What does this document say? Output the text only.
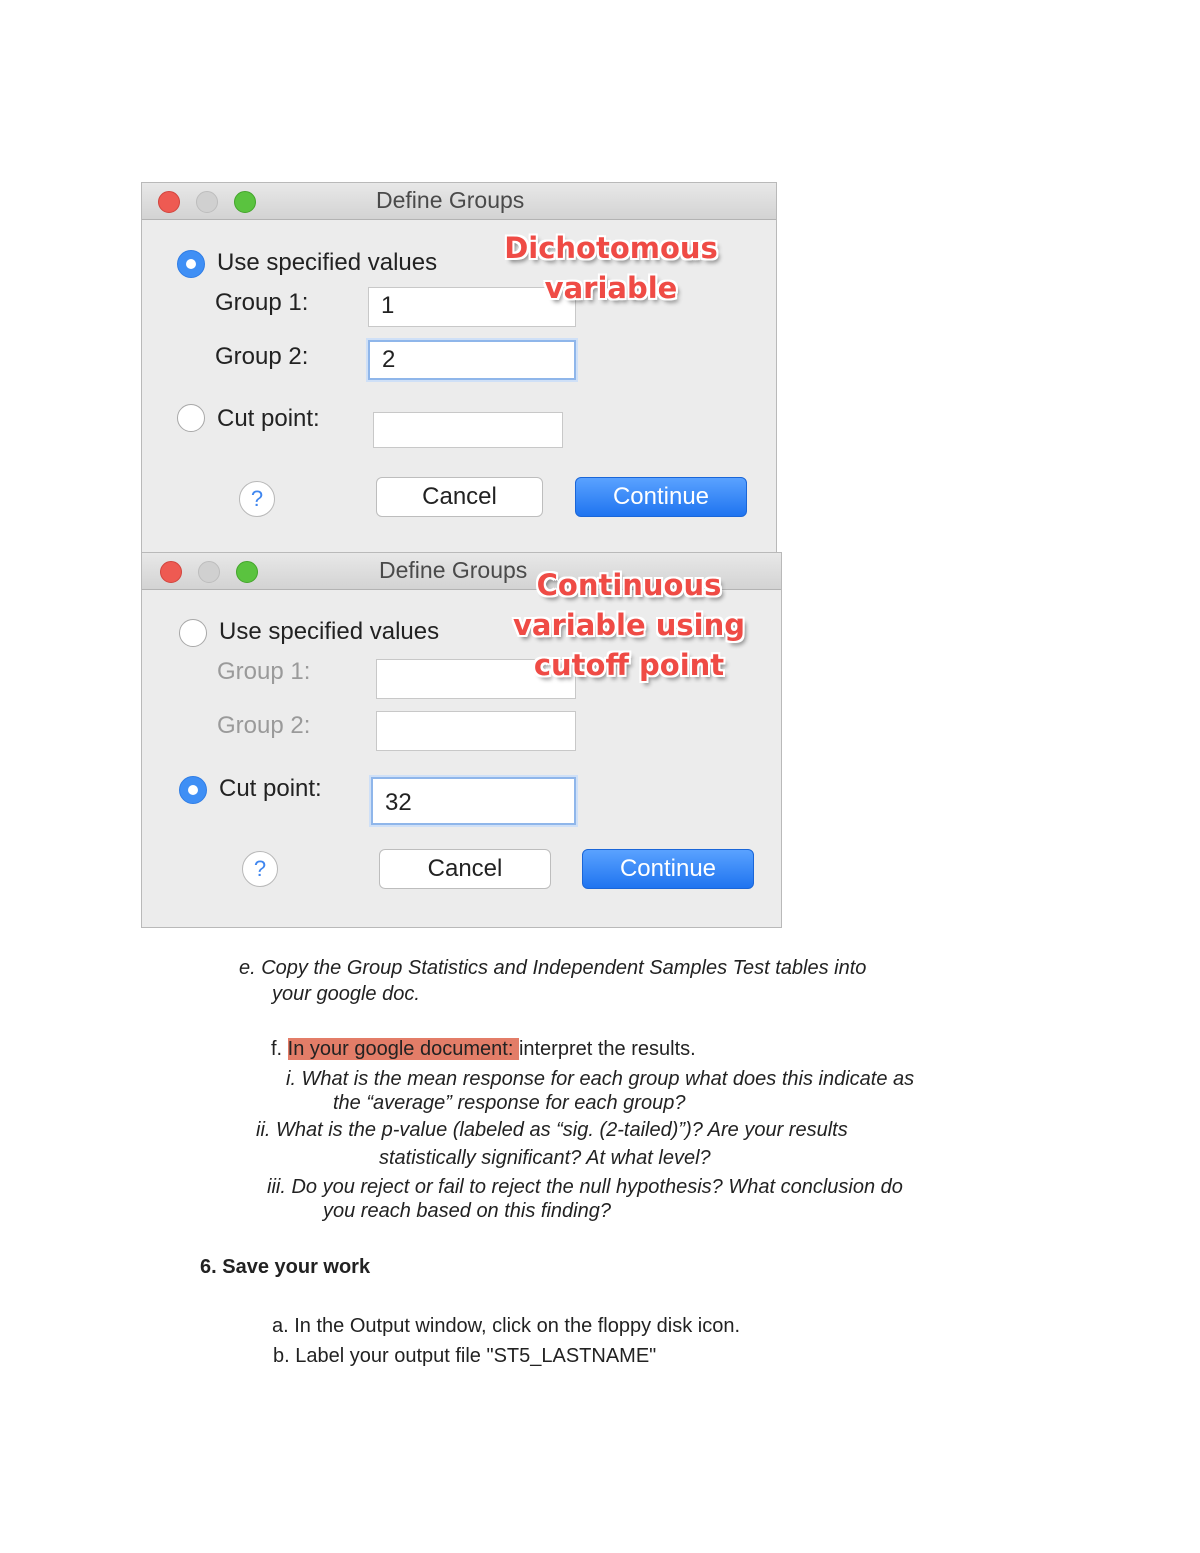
Define Groups
Use specified values
Group 1:	1
Group 2:	2
Cut point:
?	Cancel	Continue
Dichotomous
variable
Define Groups
Use specified values
Group 1:
Group 2:
Cut point:
32
?	Cancel	Continue
Continuous
variable using
cutoff point
e. Copy the Group Statistics and Independent Samples Test tables into
your google doc.
f. In your google document: interpret the results.
i. What is the mean response for each group what does this indicate as
the “average” response for each group?
ii. What is the p-value (labeled as “sig. (2-tailed)”)? Are your results
statistically significant? At what level?
iii. Do you reject or fail to reject the null hypothesis? What conclusion do
you reach based on this finding?
6. Save your work
a. In the Output window, click on the floppy disk icon.
b. Label your output file "ST5_LASTNAME"
